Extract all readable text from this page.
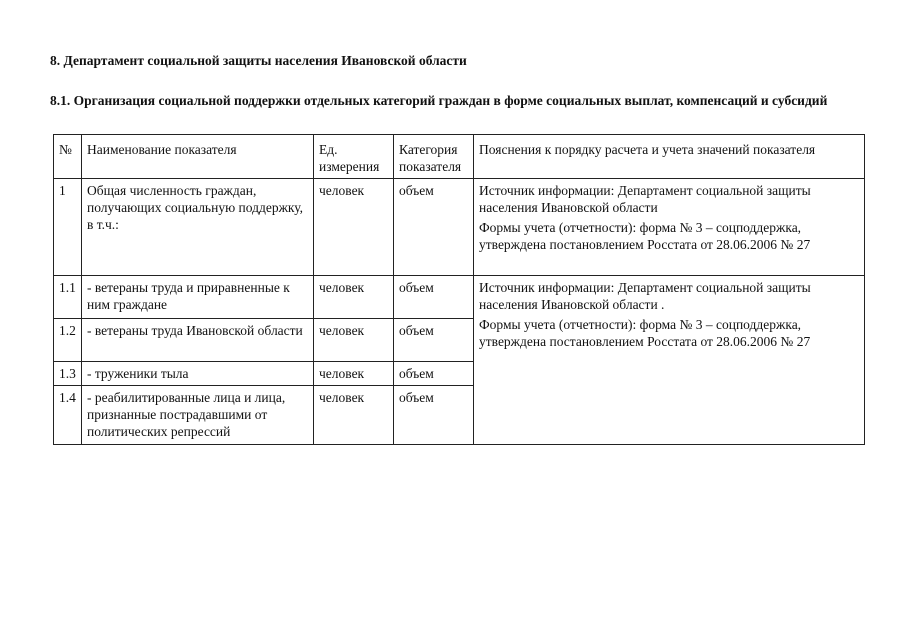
8. Департамент социальной защиты населения Ивановской области
8.1. Организация социальной поддержки отдельных категорий граждан в форме социальных выплат, компенсаций и субсидий
№	Наименование показателя	Ед. измерения	Категория показателя	Пояснения к порядку расчета и учета значений показателя
1	Общая численность граждан, получающих социальную поддержку, в т.ч.:	человек	объем	Источник информации: Департамент социальной защиты населения Ивановской области
Формы учета (отчетности): форма № 3 – соцподдержка, утверждена постановлением Росстата от 28.06.2006 № 27

1.1	- ветераны труда и приравненные к ним граждане	человек	объем	Источник информации: Департамент социальной защиты населения Ивановской области .
Формы учета (отчетности): форма № 3 – соцподдержка, утверждена постановлением Росстата от 28.06.2006 № 27

1.2	- ветераны труда Ивановской области	человек	объем	
1.3	- труженики тыла	человек	объем	
1.4	- реабилитированные лица и лица, признанные пострадавшими от политических репрессий	человек	объем	
